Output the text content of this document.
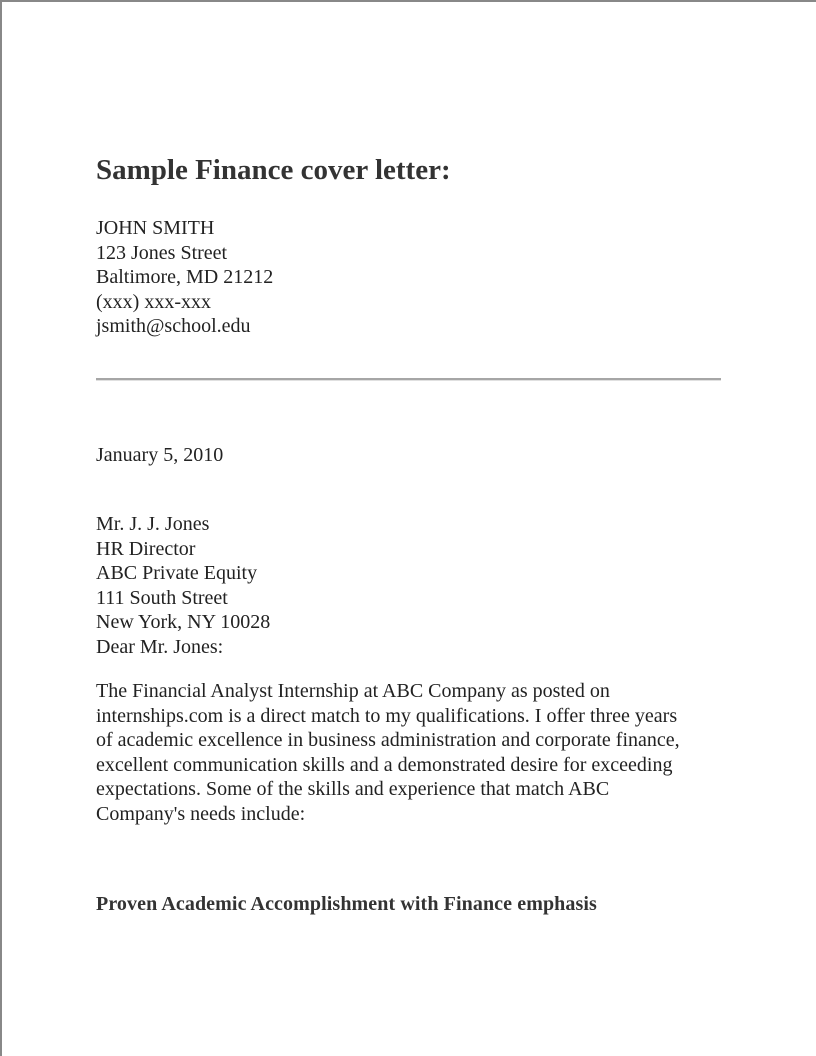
Sample Finance cover letter:
JOHN SMITH
123 Jones Street
Baltimore, MD 21212
(xxx) xxx-xxx
jsmith@school.edu
January 5, 2010
Mr. J. J. Jones
HR Director
ABC Private Equity
111 South Street
New York, NY 10028
Dear Mr. Jones:
The Financial Analyst Internship at ABC Company as posted on
internships.com is a direct match to my qualifications. I offer three years
of academic excellence in business administration and corporate finance,
excellent communication skills and a demonstrated desire for exceeding
expectations. Some of the skills and experience that match ABC
Company's needs include:
Proven Academic Accomplishment with Finance emphasis
